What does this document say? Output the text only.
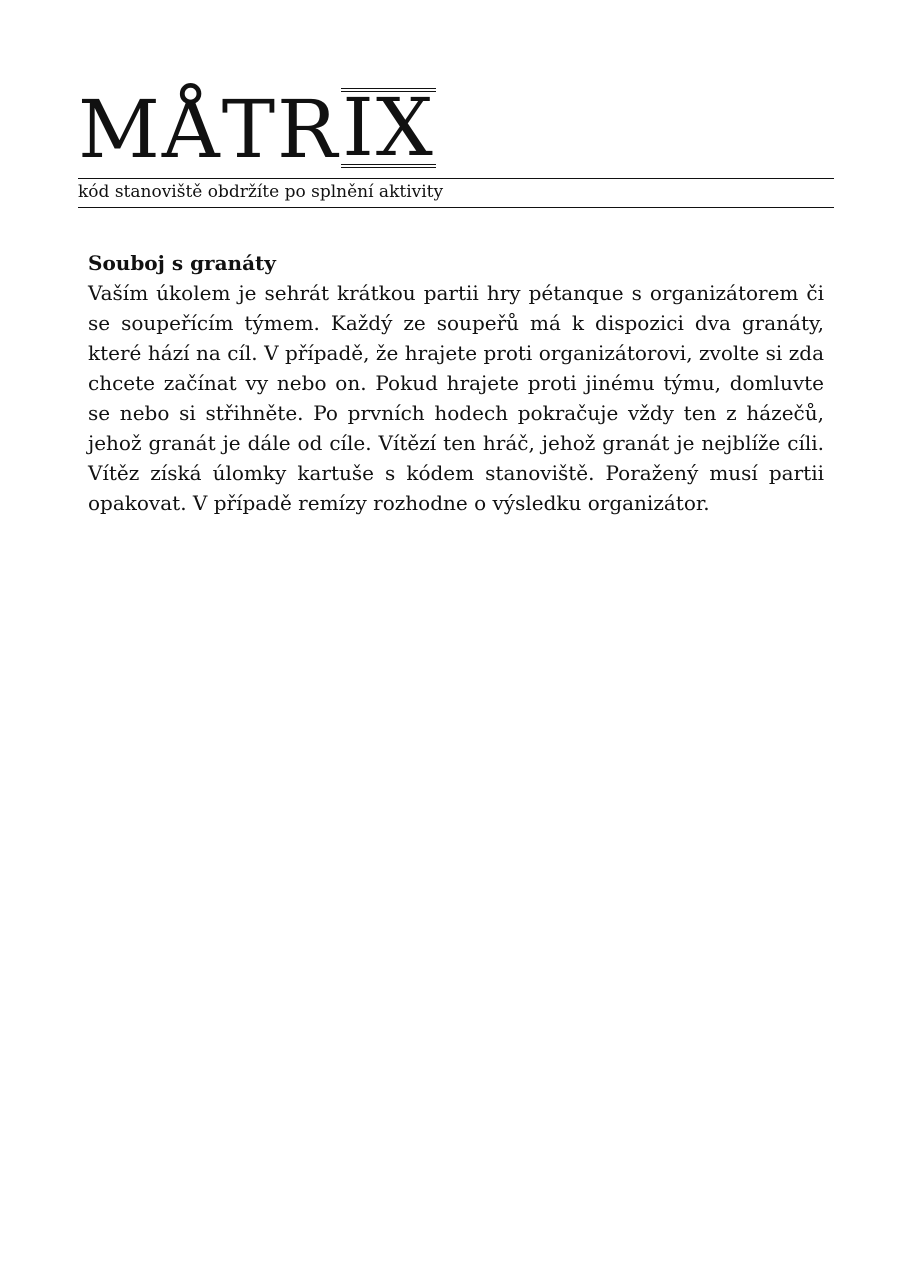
MÅTR IX
kód stanoviště obdržíte po splnění aktivity
Souboj s granáty

Vaším úkolem je sehrát krátkou partii hry pétanque s organizátorem či se soupeřícím týmem. Každý ze soupeřů má k dispozici dva granáty, které hází na cíl. V případě, že hrajete proti organizátorovi, zvolte si zda chcete začínat vy nebo on. Pokud hrajete proti jinému týmu, domluvte se nebo si střihněte. Po prvních hodech pokračuje vždy ten z házečů, jehož granát je dále od cíle. Vítězí ten hráč, jehož granát je nejblíže cíli. Vítěz získá úlomky kartuše s kódem stanoviště. Poražený musí partii opakovat. V případě remízy rozhodne o výsledku organizátor.
